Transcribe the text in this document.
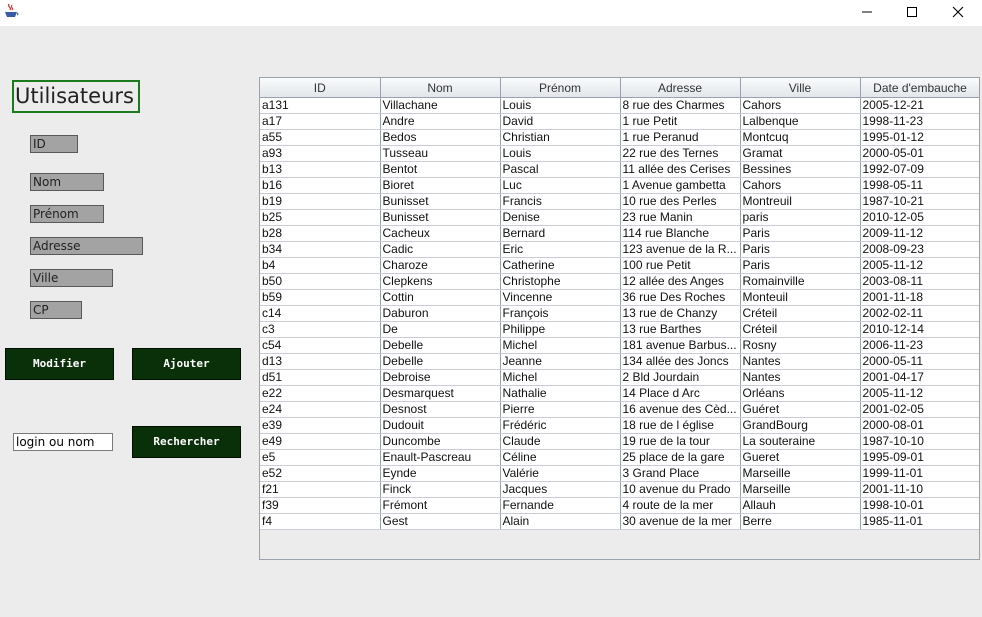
Utilisateurs
ID
Nom
Prénom
Adresse
Ville
CP
Modifier	Ajouter
login ou nom	Rechercher
ID	Nom	Prénom	Adresse	Ville	Date d'embauche
a131	Villachane	Louis	8 rue des Charmes	Cahors	2005-12-21
a17	Andre	David	1 rue Petit	Lalbenque	1998-11-23
a55	Bedos	Christian	1 rue Peranud	Montcuq	1995-01-12
a93	Tusseau	Louis	22 rue des Ternes	Gramat	2000-05-01
b13	Bentot	Pascal	11 allée des Cerises	Bessines	1992-07-09
b16	Bioret	Luc	1 Avenue gambetta	Cahors	1998-05-11
b19	Bunisset	Francis	10 rue des Perles	Montreuil	1987-10-21
b25	Bunisset	Denise	23 rue Manin	paris	2010-12-05
b28	Cacheux	Bernard	114 rue Blanche	Paris	2009-11-12
b34	Cadic	Eric	123 avenue de la R...	Paris	2008-09-23
b4	Charoze	Catherine	100 rue Petit	Paris	2005-11-12
b50	Clepkens	Christophe	12 allée des Anges	Romainville	2003-08-11
b59	Cottin	Vincenne	36 rue Des Roches	Monteuil	2001-11-18
c14	Daburon	François	13 rue de Chanzy	Créteil	2002-02-11
c3	De	Philippe	13 rue Barthes	Créteil	2010-12-14
c54	Debelle	Michel	181 avenue Barbus...	Rosny	2006-11-23
d13	Debelle	Jeanne	134 allée des Joncs	Nantes	2000-05-11
d51	Debroise	Michel	2 Bld Jourdain	Nantes	2001-04-17
e22	Desmarquest	Nathalie	14 Place d Arc	Orléans	2005-11-12
e24	Desnost	Pierre	16 avenue des Cèd...	Guéret	2001-02-05
e39	Dudouit	Frédéric	18 rue de l église	GrandBourg	2000-08-01
e49	Duncombe	Claude	19 rue de la tour	La souteraine	1987-10-10
e5	Enault-Pascreau	Céline	25 place de la gare	Gueret	1995-09-01
e52	Eynde	Valérie	3 Grand Place	Marseille	1999-11-01
f21	Finck	Jacques	10 avenue du Prado	Marseille	2001-11-10
f39	Frémont	Fernande	4 route de la mer	Allauh	1998-10-01
f4	Gest	Alain	30 avenue de la mer	Berre	1985-11-01
